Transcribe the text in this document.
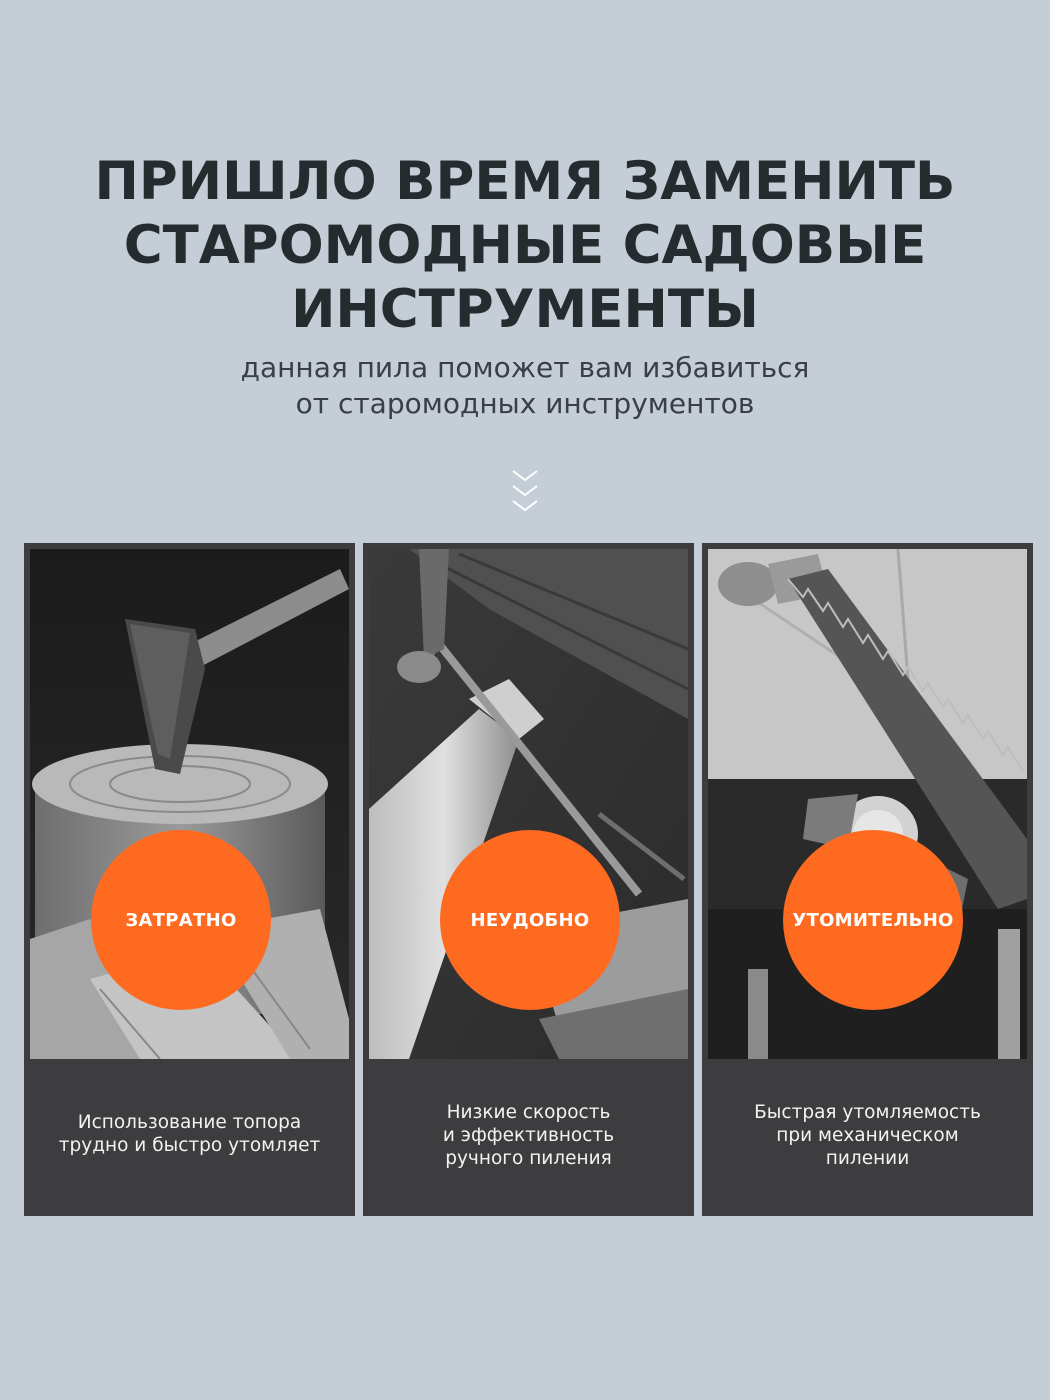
ПРИШЛО ВРЕМЯ ЗАМЕНИТЬ
СТАРОМОДНЫЕ САДОВЫЕ
ИНСТРУМЕНТЫ

данная пила поможет вам избавиться
от старомодных инструментов

ЗАТРАТНО

Использование топора
трудно и быстро утомляет

НЕУДОБНО

Низкие скорость
и эффективность
ручного пиления

УТОМИТЕЛЬНО

Быстрая утомляемость
при механическом
пилении
